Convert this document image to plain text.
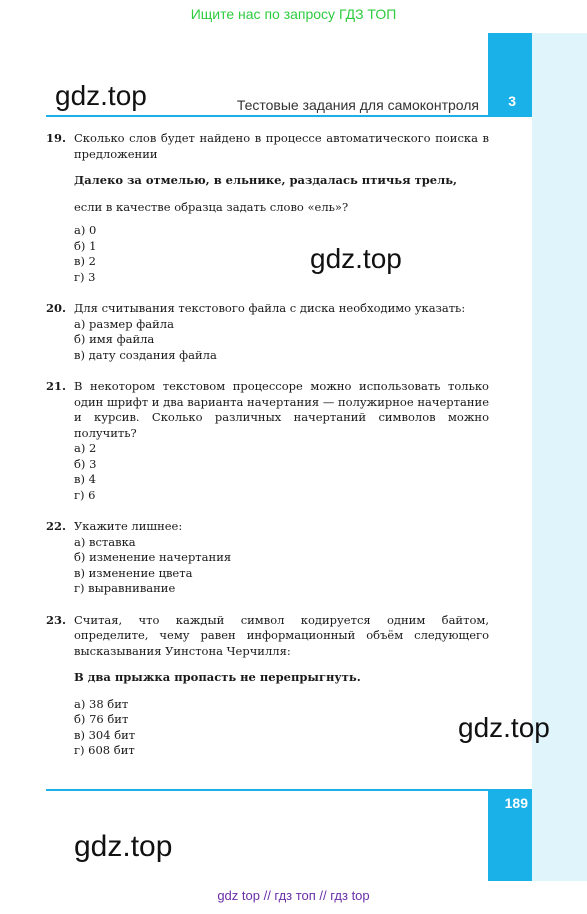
Ищите нас по запросу ГДЗ ТОП
3
189
Тестовые задания для самоконтроля
19. Сколько слов будет найдено в процессе автоматического поиска в предложении

Далеко за отмелью, в ельнике, раздалась птичья трель,

если в качестве образца задать слово «ель»?

а) 0
б) 1
в) 2
г) 3
20. Для считывания текстового файла с диска необходимо указать:

а) размер файла
б) имя файла
в) дату создания файла
21. В некотором текстовом процессоре можно использовать только один шрифт и два варианта начертания — полужирное начертание и курсив. Сколько различных начертаний символов можно получить?

а) 2
б) 3
в) 4
г) 6
22. Укажите лишнее:

а) вставка
б) изменение начертания
в) изменение цвета
г) выравнивание
23. Считая, что каждый символ кодируется одним байтом, определите, чему равен информационный объём следующего высказывания Уинстона Черчилля:

В два прыжка пропасть не перепрыгнуть.

а) 38 бит
б) 76 бит
в) 304 бит
г) 608 бит
gdz.top
gdz.top
gdz.top
gdz.top
gdz top // гдз топ // гдз top
